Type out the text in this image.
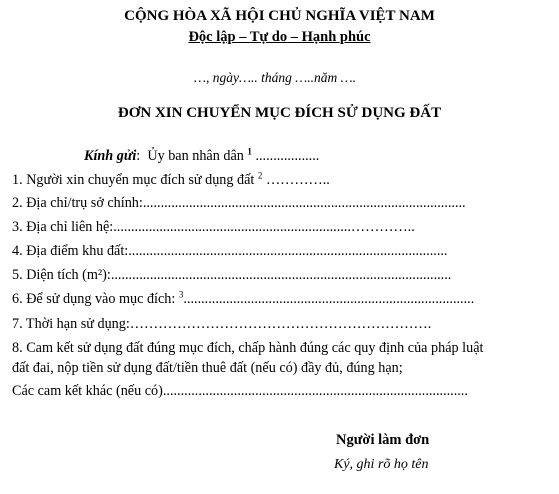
CỘNG HÒA XÃ HỘI CHỦ NGHĨA VIỆT NAM
Độc lập – Tự do – Hạnh phúc
…, ngày….. tháng …..năm ….
ĐƠN XIN CHUYỂN MỤC ĐÍCH SỬ DỤNG ĐẤT
Kính gửi: Ủy ban nhân dân $^1$ ..................
1. Người xin chuyển mục đích sử dụng đất $^2$ …………..
2. Địa chỉ/trụ sở chính:...........................................................................................
3. Địa chỉ liên hệ:...................................................................…………..
4. Địa điểm khu đất:..........................................................................................
5. Diện tích (m²):................................................................................................
6. Để sử dụng vào mục đích: $^3$..................................................................................
7. Thời hạn sử dụng:……………………………………………………….
8. Cam kết sử dụng đất đúng mục đích, chấp hành đúng các quy định của pháp luật
đất đai, nộp tiền sử dụng đất/tiền thuê đất (nếu có) đầy đủ, đúng hạn;
Các cam kết khác (nếu có)......................................................................................
Người làm đơn
Ký, ghi rõ họ tên
